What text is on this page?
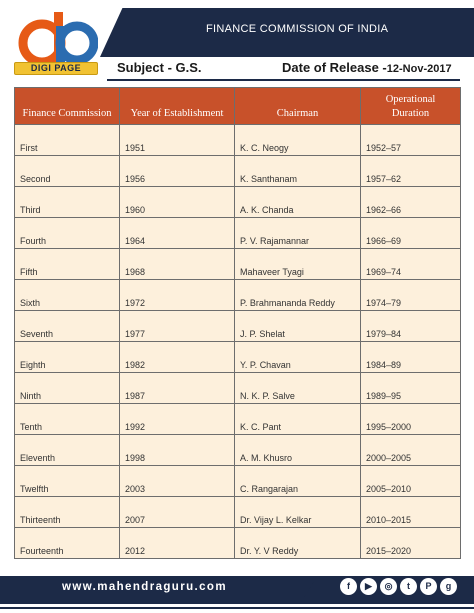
DIGI PAGE
FINANCE COMMISSION OF INDIA
Subject - G.S.	Date of Release -12-Nov-2017
Finance Commission	Year of Establishment	Chairman	Operational Duration

First	1951	K. C. Neogy	1952–57
Second	1956	K. Santhanam	1957–62
Third	1960	A. K. Chanda	1962–66
Fourth	1964	P. V. Rajamannar	1966–69
Fifth	1968	Mahaveer Tyagi	1969–74
Sixth	1972	P. Brahmananda Reddy	1974–79
Seventh	1977	J. P. Shelat	1979–84
Eighth	1982	Y. P. Chavan	1984–89
Ninth	1987	N. K. P. Salve	1989–95
Tenth	1992	K. C. Pant	1995–2000
Eleventh	1998	A. M. Khusro	2000–2005
Twelfth	2003	C. Rangarajan	2005–2010
Thirteenth	2007	Dr. Vijay L. Kelkar	2010–2015
Fourteenth	2012	Dr. Y. V Reddy	2015–2020
www.mahendraguru.com	f	▶	◎	t	P	g
